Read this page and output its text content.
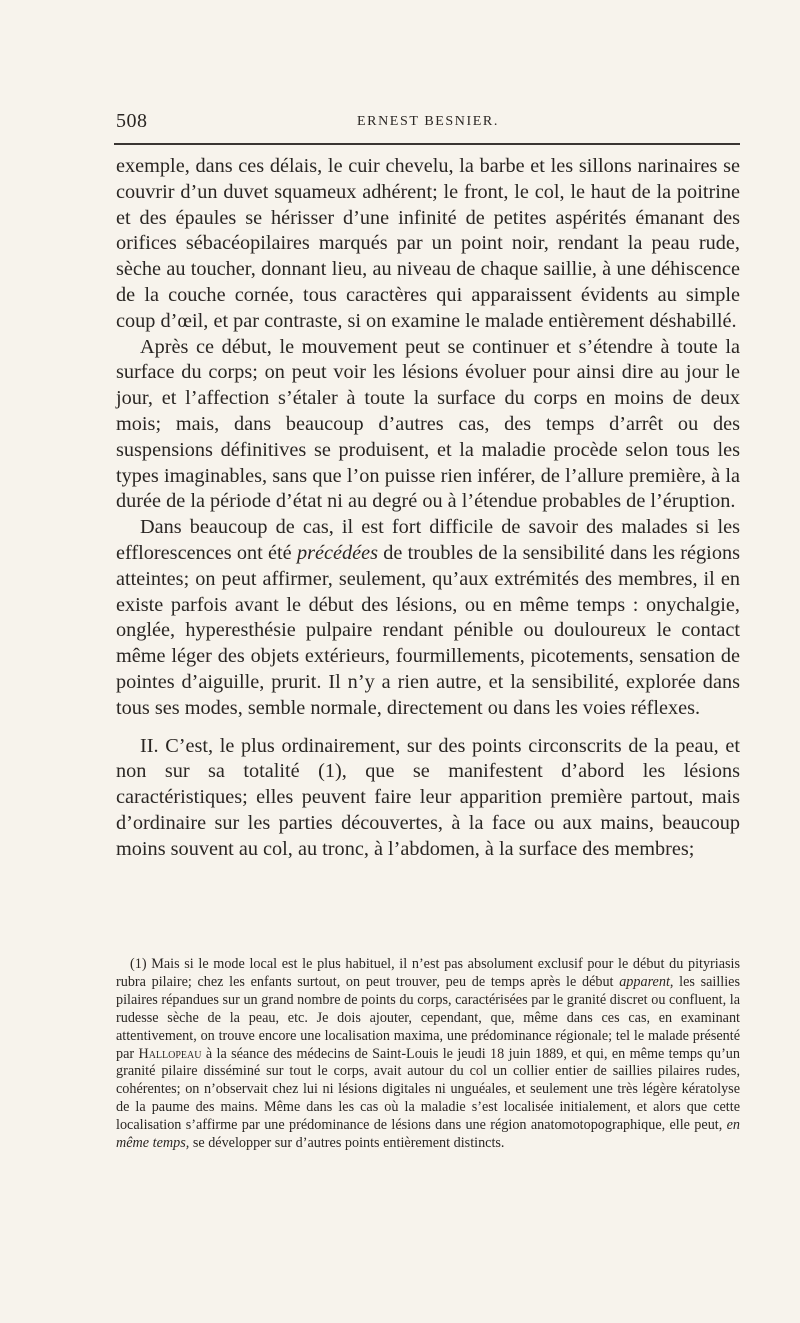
508	ERNEST BESNIER.

exemple, dans ces délais, le cuir chevelu, la barbe et les sillons narinaires se couvrir d’un duvet squameux adhérent; le front, le col, le haut de la poitrine et des épaules se hérisser d’une infinité de petites aspérités émanant des orifices sébacéopilaires marqués par un point noir, rendant la peau rude, sèche au toucher, donnant lieu, au niveau de chaque saillie, à une déhiscence de la couche cornée, tous caractères qui apparaissent évidents au simple coup d’œil, et par contraste, si on examine le malade entièrement déshabillé.

Après ce début, le mouvement peut se continuer et s’étendre à toute la surface du corps; on peut voir les lésions évoluer pour ainsi dire au jour le jour, et l’affection s’étaler à toute la surface du corps en moins de deux mois; mais, dans beaucoup d’autres cas, des temps d’arrêt ou des suspensions définitives se produisent, et la maladie procède selon tous les types imaginables, sans que l’on puisse rien inférer, de l’allure première, à la durée de la période d’état ni au degré ou à l’étendue probables de l’éruption.

Dans beaucoup de cas, il est fort difficile de savoir des malades si les efflorescences ont été précédées de troubles de la sensibilité dans les régions atteintes; on peut affirmer, seulement, qu’aux extrémités des membres, il en existe parfois avant le début des lésions, ou en même temps : onychalgie, onglée, hyperesthésie pulpaire rendant pénible ou douloureux le contact même léger des objets extérieurs, fourmillements, picotements, sensation de pointes d’aiguille, prurit. Il n’y a rien autre, et la sensibilité, explorée dans tous ses modes, semble normale, directement ou dans les voies réflexes.

II. C’est, le plus ordinairement, sur des points circonscrits de la peau, et non sur sa totalité (1), que se manifestent d’abord les lésions caractéristiques; elles peuvent faire leur apparition première partout, mais d’ordinaire sur les parties découvertes, à la face ou aux mains, beaucoup moins souvent au col, au tronc, à l’abdomen, à la surface des membres;

(1) Mais si le mode local est le plus habituel, il n’est pas absolument exclusif pour le début du pityriasis rubra pilaire; chez les enfants surtout, on peut trouver, peu de temps après le début apparent, les saillies pilaires répandues sur un grand nombre de points du corps, caractérisées par le granité discret ou confluent, la rudesse sèche de la peau, etc. Je dois ajouter, cependant, que, même dans ces cas, en examinant attentivement, on trouve encore une localisation maxima, une prédominance régionale; tel le malade présenté par Hallopeau à la séance des médecins de Saint-Louis le jeudi 18 juin 1889, et qui, en même temps qu’un granité pilaire disséminé sur tout le corps, avait autour du col un collier entier de saillies pilaires rudes, cohérentes; on n’observait chez lui ni lésions digitales ni unguéales, et seulement une très légère kératolyse de la paume des mains. Même dans les cas où la maladie s’est localisée initialement, et alors que cette localisation s’affirme par une prédominance de lésions dans une région anatomotopographique, elle peut, en même temps, se développer sur d’autres points entièrement distincts.
